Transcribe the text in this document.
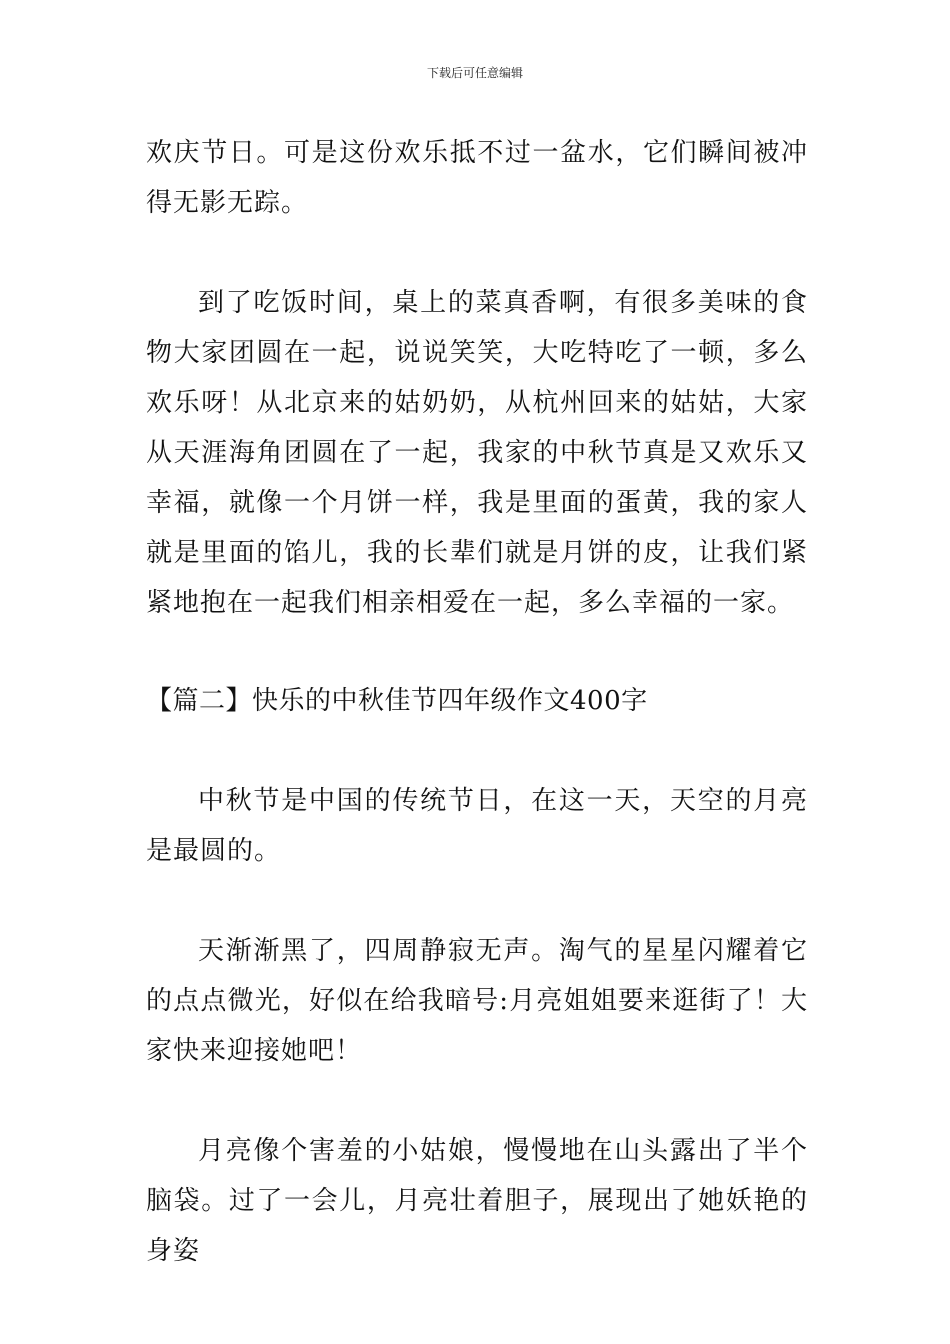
下载后可任意编辑

欢庆节日。可是这份欢乐抵不过一盆水，它们瞬间被冲得无影无踪。

到了吃饭时间，桌上的菜真香啊，有很多美味的食物大家团圆在一起，说说笑笑，大吃特吃了一顿，多么欢乐呀！从北京来的姑奶奶，从杭州回来的姑姑，大家从天涯海角团圆在了一起，我家的中秋节真是又欢乐又幸福，就像一个月饼一样，我是里面的蛋黄，我的家人就是里面的馅儿，我的长辈们就是月饼的皮，让我们紧紧地抱在一起我们相亲相爱在一起，多么幸福的一家。

【篇二】快乐的中秋佳节四年级作文400字

中秋节是中国的传统节日，在这一天，天空的月亮是最圆的。

天渐渐黑了，四周静寂无声。淘气的星星闪耀着它的点点微光，好似在给我暗号:月亮姐姐要来逛街了！大家快来迎接她吧！

月亮像个害羞的小姑娘，慢慢地在山头露出了半个脑袋。过了一会儿，月亮壮着胆子，展现出了她妖艳的身姿
